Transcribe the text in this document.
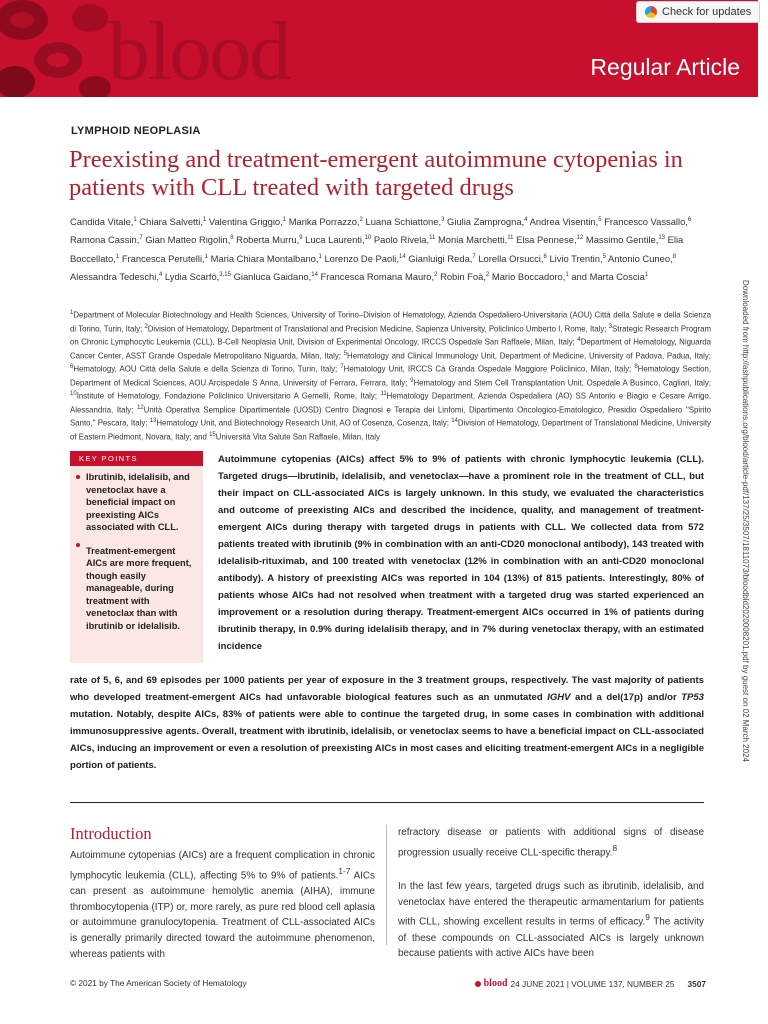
blood	Regular Article
Check for updates
LYMPHOID NEOPLASIA
Preexisting and treatment-emergent autoimmune cytopenias in patients with CLL treated with targeted drugs
Candida Vitale,$^1$ Chiara Salvetti,$^1$ Valentina Griggio,$^1$ Marika Porrazzo,$^2$ Luana Schiattone,$^3$ Giulia Zamprogna,$^4$ Andrea Visentin,$^5$ Francesco Vassallo,$^6$ Ramona Cassin,$^7$ Gian Matteo Rigolin,$^8$ Roberta Murru,$^9$ Luca Laurenti,$^{10}$ Paolo Rivela,$^{11}$ Monia Marchetti,$^{11}$ Elsa Pennese,$^{12}$ Massimo Gentile,$^{13}$ Elia Boccellato,$^1$ Francesca Perutelli,$^1$ Maria Chiara Montalbano,$^1$ Lorenzo De Paoli,$^{14}$ Gianluigi Reda,$^7$ Lorella Orsucci,$^6$ Livio Trentin,$^5$ Antonio Cuneo,$^8$ Alessandra Tedeschi,$^4$ Lydia Scarfò,$^{3,15}$ Gianluca Gaidano,$^{14}$ Francesca Romana Mauro,$^2$ Robin Foà,$^2$ Mario Boccadoro,$^1$ and Marta Coscia$^1$
$^1$Department of Molecular Biotechnology and Health Sciences, University of Torino–Division of Hematology, Azienda Ospedaliero-Universitaria (AOU) Città della Salute e della Scienza di Torino, Turin, Italy; $^2$Division of Hematology, Department of Translational and Precision Medicine, Sapienza University, Policlinico Umberto I, Rome, Italy; $^3$Strategic Research Program on Chronic Lymphocytic Leukemia (CLL), B-Cell Neoplasia Unit, Division of Experimental Oncology, IRCCS Ospedale San Raffaele, Milan, Italy; $^4$Department of Hematology, Niguarda Cancer Center, ASST Grande Ospedale Metropolitano Niguarda, Milan, Italy; $^5$Hematology and Clinical Immunology Unit, Department of Medicine, University of Padova, Padua, Italy; $^6$Hematology, AOU Città della Salute e della Scienza di Torino, Turin, Italy; $^7$Hematology Unit, IRCCS Cà Granda Ospedale Maggiore Policlinico, Milan, Italy; $^8$Hematology Section, Department of Medical Sciences, AOU Arcispedale S Anna, University of Ferrara, Ferrara, Italy; $^9$Hematology and Stem Cell Transplantation Unit, Ospedale A Businco, Cagliari, Italy; $^{10}$Institute of Hematology, Fondazione Policlinico Universitario A Gemelli, Rome, Italy; $^{11}$Hematology Department, Azienda Ospedaliera (AO) SS Antonio e Biagio e Cesare Arrigo, Alessandria, Italy; $^{12}$Unità Operativa Semplice Dipartimentale (UOSD) Centro Diagnosi e Terapia dei Linfomi, Dipartimento Oncologico-Ematologico, Presidio Ospedaliero "Spirito Santo," Pescara, Italy; $^{13}$Hematology Unit, and Biotechnology Research Unit, AO of Cosenza, Cosenza, Italy; $^{14}$Division of Hematology, Department of Translational Medicine, University of Eastern Piedmont, Novara, Italy; and $^{15}$Università Vita Salute San Raffaele, Milan, Italy	Downloaded from http://ashpublications.org/blood/article-pdf/137/25/3507/1811073/bloodbld2020008201.pdf by guest on 02 March 2024
KEY POINTS
Ibrutinib, idelalisib, and venetoclax have a beneficial impact on preexisting AICs associated with CLL.
Treatment-emergent AICs are more frequent, though easily manageable, during treatment with venetoclax than with ibrutinib or idelalisib.
Autoimmune cytopenias (AICs) affect 5% to 9% of patients with chronic lymphocytic leukemia (CLL). Targeted drugs—ibrutinib, idelalisib, and venetoclax—have a prominent role in the treatment of CLL, but their impact on CLL-associated AICs is largely unknown. In this study, we evaluated the characteristics and outcome of preexisting AICs and described the incidence, quality, and management of treatment-emergent AICs during therapy with targeted drugs in patients with CLL. We collected data from 572 patients treated with ibrutinib (9% in combination with an anti-CD20 monoclonal antibody), 143 treated with idelalisib-rituximab, and 100 treated with venetoclax (12% in combination with an anti-CD20 monoclonal antibody). A history of preexisting AICs was reported in 104 (13%) of 815 patients. Interestingly, 80% of patients whose AICs had not resolved when treatment with a targeted drug was started experienced an improvement or a resolution during therapy. Treatment-emergent AICs occurred in 1% of patients during ibrutinib therapy, in 0.9% during idelalisib therapy, and in 7% during venetoclax therapy, with an estimated incidence
rate of 5, 6, and 69 episodes per 1000 patients per year of exposure in the 3 treatment groups, respectively. The vast majority of patients who developed treatment-emergent AICs had unfavorable biological features such as an unmutated IGHV and a del(17p) and/or TP53 mutation. Notably, despite AICs, 83% of patients were able to continue the targeted drug, in some cases in combination with additional immunosuppressive agents. Overall, treatment with ibrutinib, idelalisib, or venetoclax seems to have a beneficial impact on CLL-associated AICs, inducing an improvement or even a resolution of preexisting AICs in most cases and eliciting treatment-emergent AICs in a negligible portion of patients.
Introduction

Autoimmune cytopenias (AICs) are a frequent complication in chronic lymphocytic leukemia (CLL), affecting 5% to 9% of patients.$^{1-7}$ AICs can present as autoimmune hemolytic anemia (AIHA), immune thrombocytopenia (ITP) or, more rarely, as pure red blood cell aplasia or autoimmune granulocytopenia. Treatment of CLL-associated AICs is generally primarily directed toward the autoimmune phenomenon, whereas patients with

refractory disease or patients with additional signs of disease progression usually receive CLL-specific therapy.$^8$

In the last few years, targeted drugs such as ibrutinib, idelalisib, and venetoclax have entered the therapeutic armamentarium for patients with CLL, showing excellent results in terms of efficacy.$^9$ The activity of these compounds on CLL-associated AICs is largely unknown because patients with active AICs have been

© 2021 by The American Society of Hematology	blood 24 JUNE 2021 | VOLUME 137, NUMBER 25 3507
